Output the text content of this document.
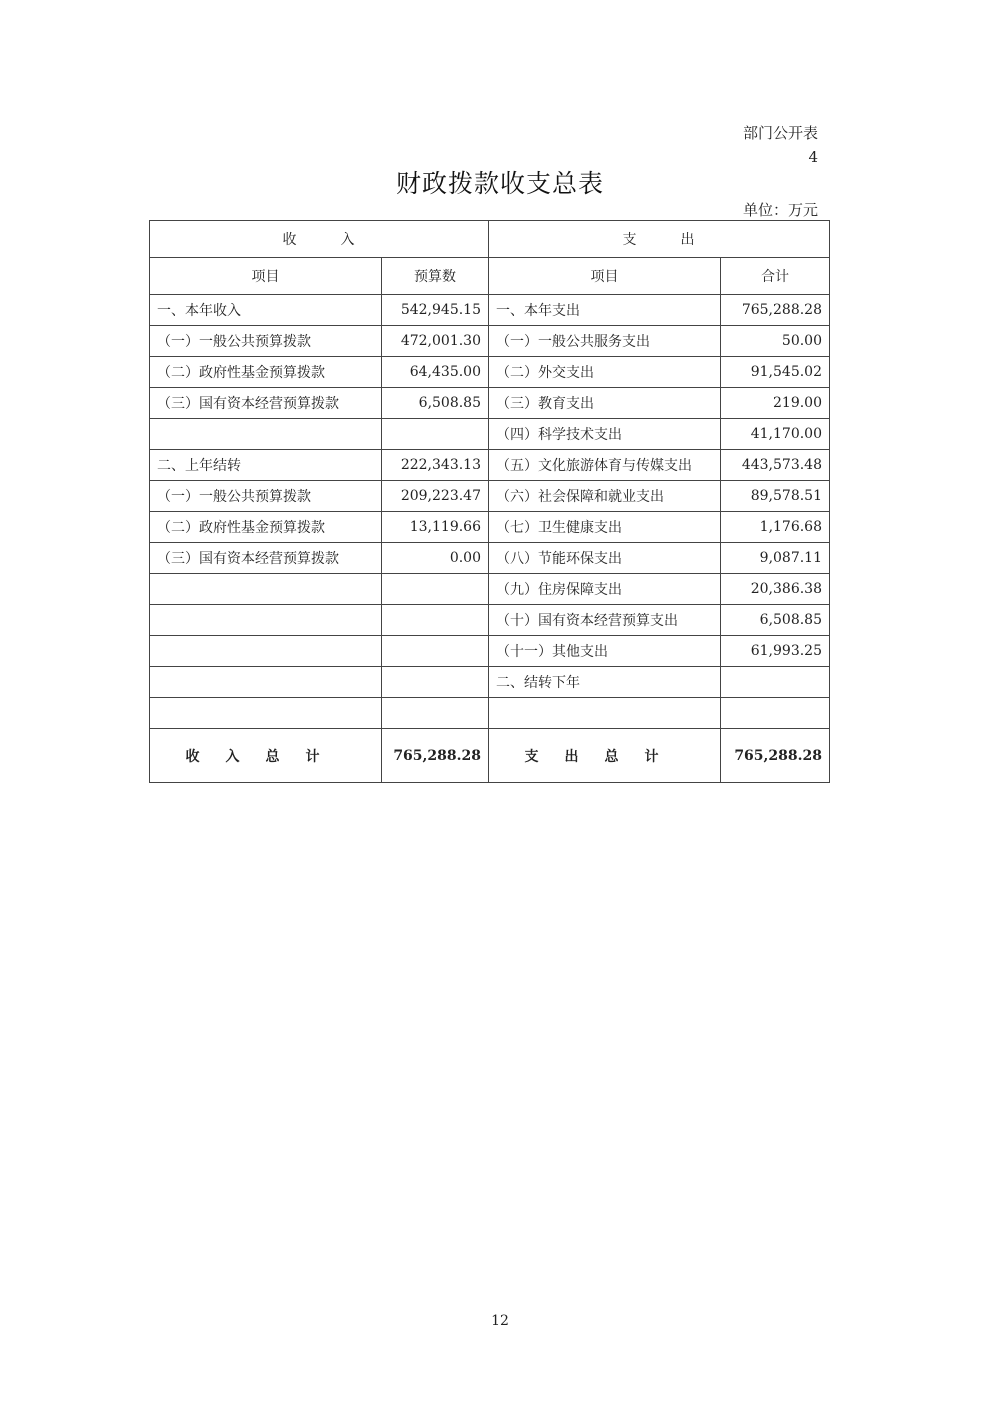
部门公开表
4
财政拨款收支总表
单位：万元
收入		支出	
项目	预算数	项目	合计
一、本年收入	542,945.15	一、本年支出	765,288.28
（一）一般公共预算拨款	472,001.30	（一）一般公共服务支出	50.00
（二）政府性基金预算拨款	64,435.00	（二）外交支出	91,545.02
（三）国有资本经营预算拨款	6,508.85	（三）教育支出	219.00
		（四）科学技术支出	41,170.00
二、上年结转	222,343.13	（五）文化旅游体育与传媒支出	443,573.48
（一）一般公共预算拨款	209,223.47	（六）社会保障和就业支出	89,578.51
（二）政府性基金预算拨款	13,119.66	（七）卫生健康支出	1,176.68
（三）国有资本经营预算拨款	0.00	（八）节能环保支出	9,087.11
		（九）住房保障支出	20,386.38
		（十）国有资本经营预算支出	6,508.85
		（十一）其他支出	61,993.25
		二、结转下年	

收入总计	765,288.28	支出总计	765,288.28
12
